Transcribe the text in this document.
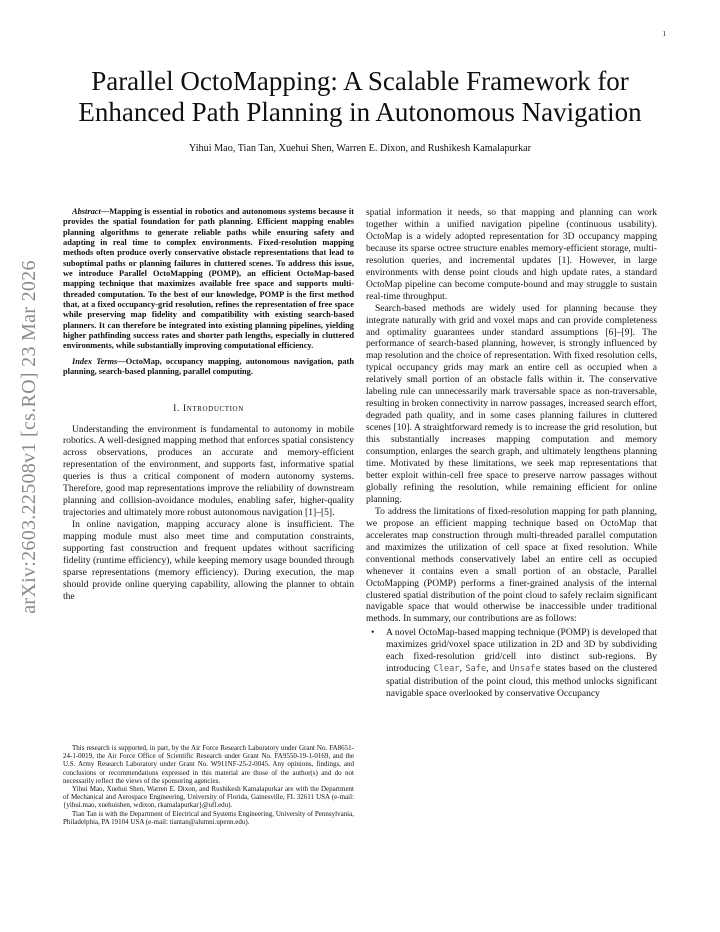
1
arXiv:2603.22508v1 [cs.RO] 23 Mar 2026
Parallel OctoMapping: A Scalable Framework for
Enhanced Path Planning in Autonomous Navigation
Yihui Mao, Tian Tan, Xuehui Shen, Warren E. Dixon, and Rushikesh Kamalapurkar

Abstract—Mapping is essential in robotics and autonomous systems because it provides the spatial foundation for path planning. Efficient mapping enables planning algorithms to generate reliable paths while ensuring safety and adapting in real time to complex environments. Fixed-resolution mapping methods often produce overly conservative obstacle representations that lead to suboptimal paths or planning failures in cluttered scenes. To address this issue, we introduce Parallel OctoMapping (POMP), an efficient OctoMap-based mapping technique that maximizes available free space and supports multi-threaded computation. To the best of our knowledge, POMP is the first method that, at a fixed occupancy-grid resolution, refines the representation of free space while preserving map fidelity and compatibility with existing search-based planners. It can therefore be integrated into existing planning pipelines, yielding higher pathfinding success rates and shorter path lengths, especially in cluttered environments, while substantially improving computational efficiency.

Index Terms—OctoMap, occupancy mapping, autonomous navigation, path planning, search-based planning, parallel computing.

I. Introduction

Understanding the environment is fundamental to autonomy in mobile robotics. A well-designed mapping method that enforces spatial consistency across observations, produces an accurate and memory-efficient representation of the environment, and supports fast, informative spatial queries is thus a critical component of modern autonomy systems. Therefore, good map representations improve the reliability of downstream planning and collision-avoidance modules, enabling safer, higher-quality trajectories and ultimately more robust autonomous navigation [1]–[5].

In online navigation, mapping accuracy alone is insufficient. The mapping module must also meet time and computation constraints, supporting fast construction and frequent updates without sacrificing fidelity (runtime efficiency), while keeping memory usage bounded through sparse representations (memory efficiency). During execution, the map should provide online querying capability, allowing the planner to obtain the

This research is supported, in part, by the Air Force Research Laboratory under Grant No. FA8651-24-1-0019, the Air Force Office of Scientific Research under Grant No. FA9550-19-1-0169, and the U.S. Army Research Laboratory under Grant No. W911NF-25-2-0045. Any opinions, findings, and conclusions or recommendations expressed in this material are those of the author(s) and do not necessarily reflect the views of the sponsoring agencies.

Yihui Mao, Xuehui Shen, Warren E. Dixon, and Rushikesh Kamalapurkar are with the Department of Mechanical and Aerospace Engineering, University of Florida, Gainesville, FL 32611 USA (e-mail: {yihui.mao, xuehuishen, wdixon, rkamalapurkar}@ufl.edu).

Tian Tan is with the Department of Electrical and Systems Engineering, University of Pennsylvania, Philadelphia, PA 19104 USA (e-mail: tiantan@alumni.upenn.edu).

spatial information it needs, so that mapping and planning can work together within a unified navigation pipeline (continuous usability). OctoMap is a widely adopted representation for 3D occupancy mapping because its sparse octree structure enables memory-efficient storage, multi-resolution queries, and incremental updates [1]. However, in large environments with dense point clouds and high update rates, a standard OctoMap pipeline can become compute-bound and may struggle to sustain real-time throughput.

Search-based methods are widely used for planning because they integrate naturally with grid and voxel maps and can provide completeness and optimality guarantees under standard assumptions [6]–[9]. The performance of search-based planning, however, is strongly influenced by map resolution and the choice of representation. With fixed resolution cells, typical occupancy grids may mark an entire cell as occupied when a relatively small portion of an obstacle falls within it. The conservative labeling rule can unnecessarily mark traversable space as non-traversable, resulting in broken connectivity in narrow passages, increased search effort, degraded path quality, and in some cases planning failures in cluttered scenes [10]. A straightforward remedy is to increase the grid resolution, but this substantially increases mapping computation and memory consumption, enlarges the search graph, and ultimately lengthens planning time. Motivated by these limitations, we seek map representations that better exploit within-cell free space to preserve narrow passages without globally refining the resolution, while remaining efficient for online planning.

To address the limitations of fixed-resolution mapping for path planning, we propose an efficient mapping technique based on OctoMap that accelerates map construction through multi-threaded parallel computation and maximizes the utilization of cell space at fixed resolution. While conventional methods conservatively label an entire cell as occupied whenever it contains even a small portion of an obstacle, Parallel OctoMapping (POMP) performs a finer-grained analysis of the internal clustered spatial distribution of the point cloud to safely reclaim significant navigable space that would otherwise be inaccessible under traditional methods. In summary, our contributions are as follows:

• A novel OctoMap-based mapping technique (POMP) is developed that maximizes grid/voxel space utilization in 2D and 3D by subdividing each fixed-resolution grid/cell into distinct sub-regions. By introducing Clear, Safe, and Unsafe states based on the clustered spatial distribution of the point cloud, this method unlocks significant navigable space overlooked by conservative Occupancy
